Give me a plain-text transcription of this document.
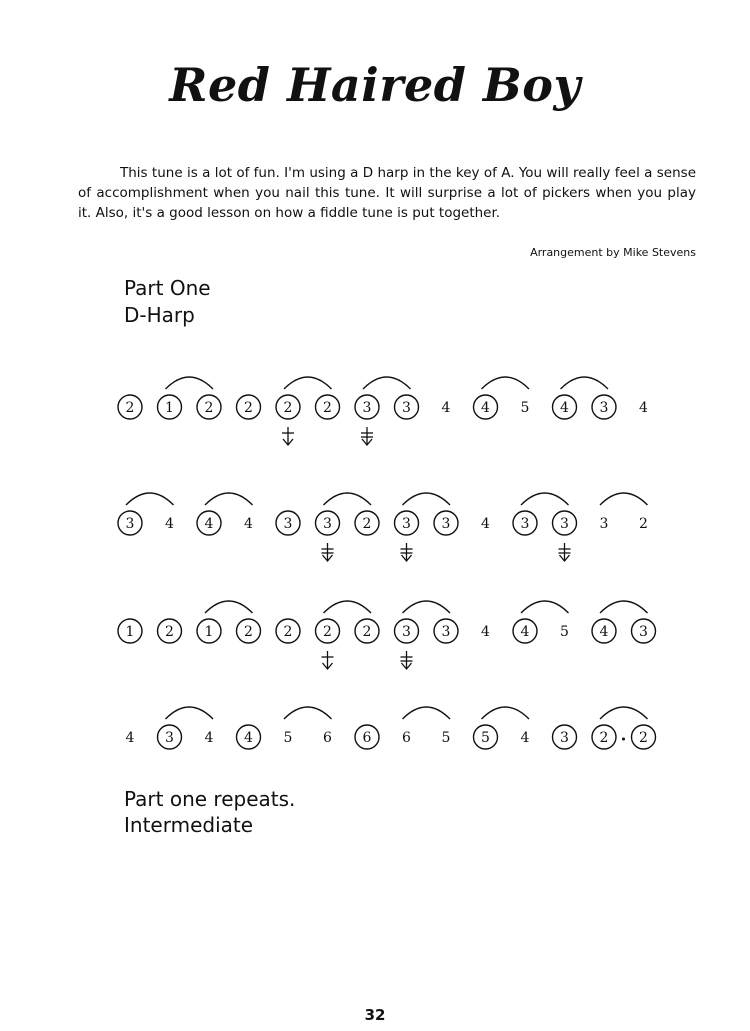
Red Haired Boy

This tune is a lot of fun. I'm using a D harp in the key of A. You will really feel a sense of accomplishment when you nail this tune. It will surprise a lot of pickers when you play it. Also, it's a good lesson on how a fiddle tune is put together.

Arrangement by Mike Stevens

Part One

D-Harp

2 1 2 2 2 2 3 3 4 4 5 4 3 4
3 4 4 4 3 3 2 3 3 4 3 3 3 2
1 2 1 2 2 2 2 3 3 4 4 5 4 3
4 3 4 4 5 6 6 6 5 5 4 3 2 2

Part one repeats.

Intermediate

32
